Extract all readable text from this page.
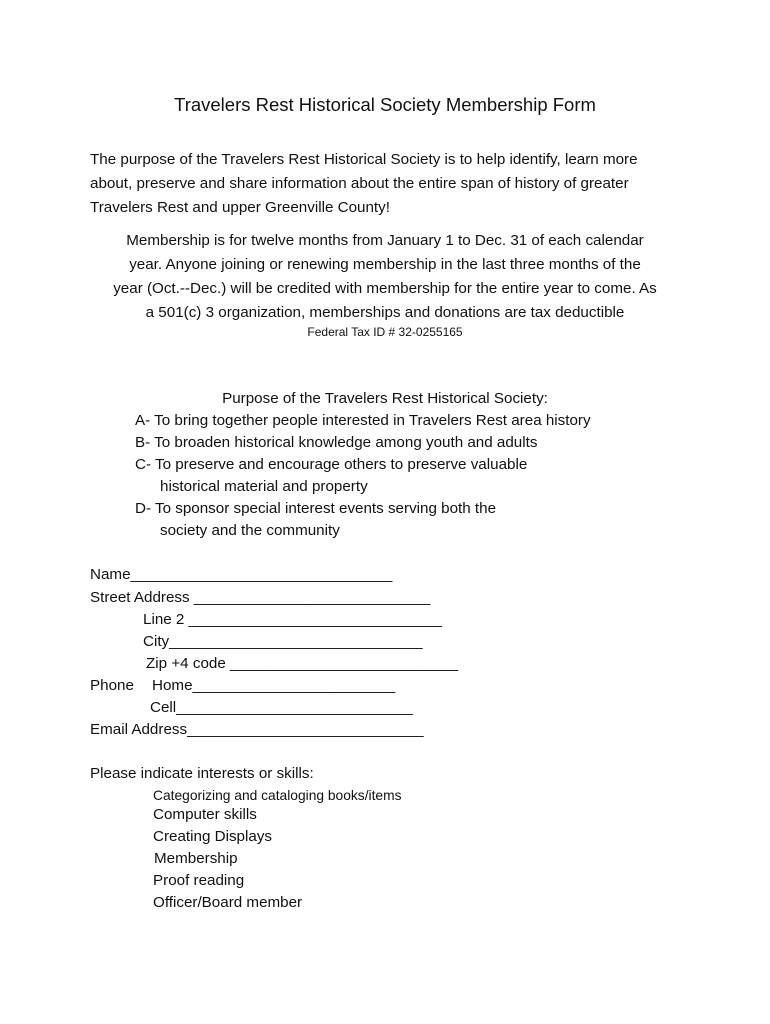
Travelers Rest Historical Society Membership Form
The purpose of the Travelers Rest Historical Society is to help identify, learn more
about, preserve and share information about the entire span of history of greater
Travelers Rest and upper Greenville County!
Membership is for twelve months from January 1 to Dec. 31 of each calendar
year. Anyone joining or renewing membership in the last three months of the
year (Oct.--Dec.) will be credited with membership for the entire year to come. As
a 501(c) 3 organization, memberships and donations are tax deductible
Federal Tax ID # 32-0255165
Purpose of the Travelers Rest Historical Society:
A- To bring together people interested in Travelers Rest area history
B- To broaden historical knowledge among youth and adults
C- To preserve and encourage others to preserve valuable
historical material and property
D- To sponsor special interest events serving both the
society and the community
Name_______________________________
Street Address ____________________________
Line 2 ______________________________
City______________________________
Zip +4 code ___________________________
Phone Home________________________
Cell____________________________
Email Address____________________________
Please indicate interests or skills:
Categorizing and cataloging books/items
Computer skills
Creating Displays
Membership
Proof reading
Officer/Board member
